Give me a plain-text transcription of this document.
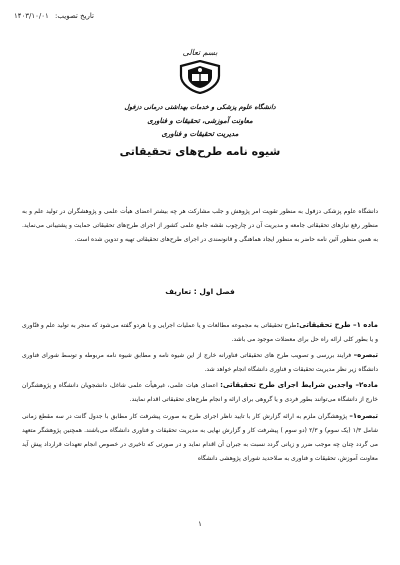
تاریخ تصویب: ۱۴۰۳/۱۰/۰۱
بسم تعالی
دانشگاه علوم پزشکی و خدمات بهداشتی درمانی دزفول
معاونت آموزشی، تحقیقات و فناوری
مدیریت تحقیقات و فناوری
شیوه نامه طرح‌های تحقیقاتی

دانشگاه علوم پزشکی دزفول به منظور تقویت امر پژوهش و جلب مشارکت هر چه بیشتر اعضای هیأت علمی و پژوهشگران در تولید علم و به منظور رفع نیازهای تحقیقاتی جامعه و مدیریت آن در چارچوب نقشه جامع علمی کشور از اجرای طرح‌های تحقیقاتی حمایت و پشتیبانی می‌نماید. به همین منظور آئین نامه حاضر به منظور ایجاد هماهنگی و قانونمندی در اجرای طرح‌های تحقیقاتی تهیه و تدوین شده است.

فصل اول : تعاریف

ماده ۱– طرح تحقیقاتی:طرح تحقیقاتی به مجموعه مطالعات و یا عملیات اجرایی و یا هردو گفته می‌شود که منجر به تولید علم و فنّاوری و یا بطور کلی ارائه راه حل برای معضلات موجود می باشد.

تبصره– فرایند بررسی و تصویب طرح های تحقیقاتی فناورانه خارج از این شیوه نامه و مطابق شیوه نامه مربوطه و توسط شورای فناوری دانشگاه زیر نظر مدیریت تحقیقات و فناوری دانشگاه انجام خواهد شد.

ماده۲– واجدین شرایط اجرای طرح تحقیقاتی: اعضای هیات علمی، غیرهیأت علمی شاغل، دانشجویان دانشگاه و پژوهشگران خارج از دانشگاه می‌توانند بطور فردی و یا گروهی برای ارائه و انجام طرح‌های تحقیقاتی اقدام نمایند.

تبصره۱– پژوهشگران ملزم به ارائه گزارش کار با تایید ناظر اجرای طرح به صورت پیشرفت کار مطابق با جدول گانت در سه مقطع زمانی شامل ۱/۳ (یک سوم) و ۲/۳ (دو سوم ) پیشرفت کار و گزارش نهایی به مدیریت تحقیقات و فناوری دانشگاه می‌باشند. همچنین پژوهشگر متعهد می گردد چنان چه موجب ضرر و زیانی گردد نسبت به جبران آن اقدام نماید و در صورتی که تاخیری در خصوص انجام تعهدات قرارداد پیش آید معاونت آموزش، تحقیقات و فناوری به صلاحدید شورای پژوهشی دانشگاه

۱
